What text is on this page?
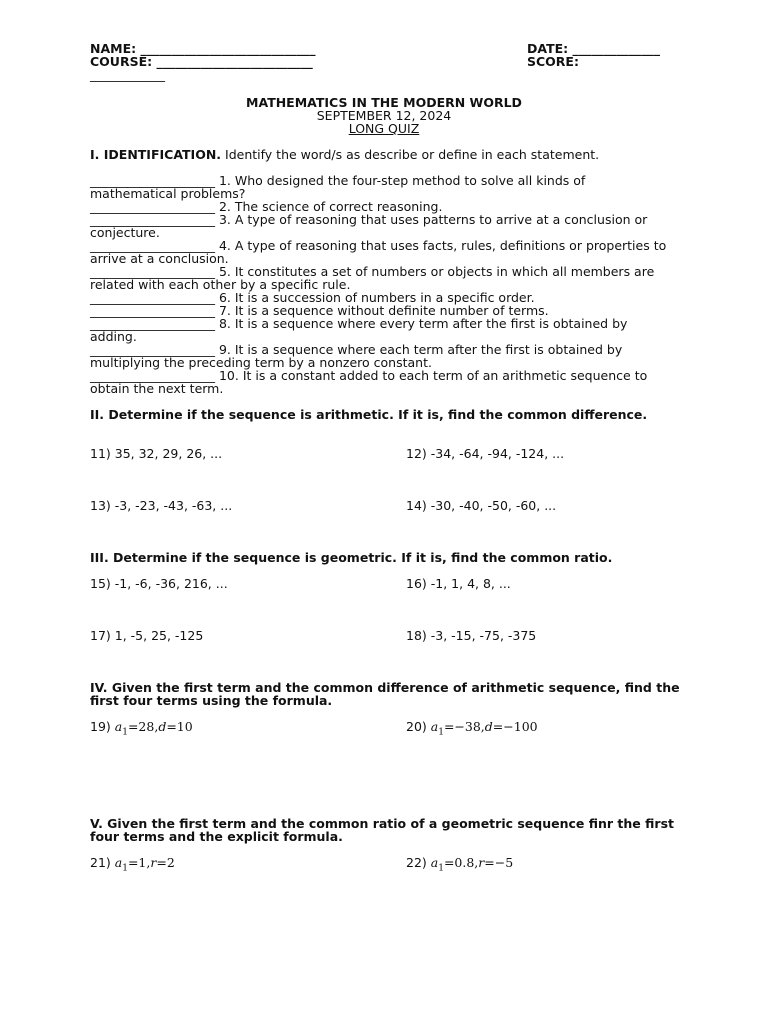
NAME: ____________________________	DATE: ______________
COURSE: _________________________	SCORE:
____________
MATHEMATICS IN THE MODERN WORLD
SEPTEMBER 12, 2024
LONG QUIZ
I. IDENTIFICATION. Identify the word/s as describe or define in each statement.

____________________ 1. Who designed the four-step method to solve all kinds of mathematical problems?

____________________ 2. The science of correct reasoning.

____________________ 3. A type of reasoning that uses patterns to arrive at a conclusion or conjecture.

____________________ 4. A type of reasoning that uses facts, rules, definitions or properties to arrive at a conclusion.

____________________ 5. It constitutes a set of numbers or objects in which all members are related with each other by a specific rule.

____________________ 6. It is a succession of numbers in a specific order.

____________________ 7. It is a sequence without definite number of terms.

____________________ 8. It is a sequence where every term after the first is obtained by adding.

____________________ 9. It is a sequence where each term after the first is obtained by multiplying the preceding term by a nonzero constant.

____________________ 10. It is a constant added to each term of an arithmetic sequence to obtain the next term.

II. Determine if the sequence is arithmetic. If it is, find the common difference.
11) 35, 32, 29, 26, ...	12) -34, -64, -94, -124, ...
13) -3, -23, -43, -63, ...	14) -30, -40, -50, -60, ...
III. Determine if the sequence is geometric. If it is, find the common ratio.
15) -1, -6, -36, 216, ...	16) -1, 1, 4, 8, ...
17) 1, -5, 25, -125	18) -3, -15, -75, -375
IV. Given the first term and the common difference of arithmetic sequence, find the first four terms using the formula.
19) $a_1=28,d=10$	20) $a_1=-38,d=-100$
V. Given the first term and the common ratio of a geometric sequence finr the first four terms and the explicit formula.
21) $a_1=1,r=2$	22) $a_1=0.8,r=-5$
